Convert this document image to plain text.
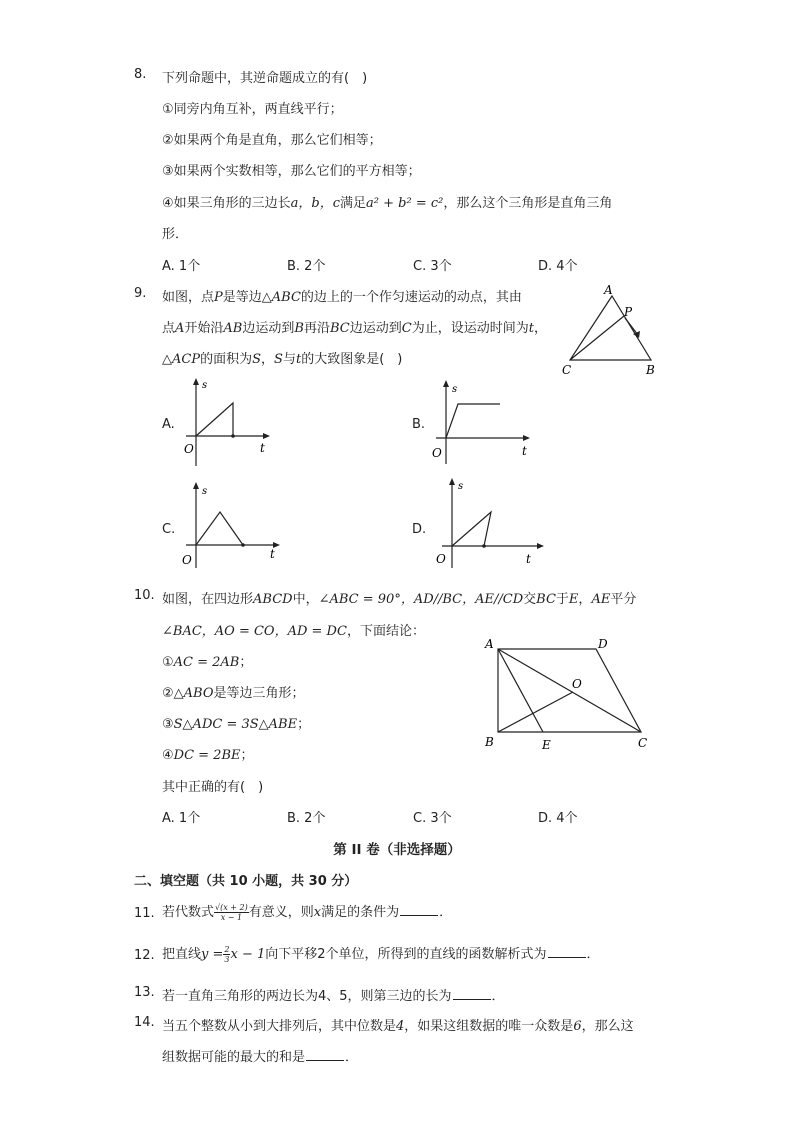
8. 下列命题中，其逆命题成立的有(　)
①同旁内角互补，两直线平行；
②如果两个角是直角，那么它们相等；
③如果两个实数相等，那么它们的平方相等；
④如果三角形的三边长a，b，c满足a² + b² = c²，那么这个三角形是直角三角
形．
A. 1个	B. 2个	C. 3个	D. 4个
9. 如图，点P是等边△ABC的边上的一个作匀速运动的动点，其由
点A开始沿AB边运动到B再沿BC边运动到C为止，设运动时间为t，
△ACP的面积为S，S与t的大致图象是(　)
A
P
C	B
A.
s
O	t
B.
s
O	t
C.
s
O	t
D.
s
O	t
10. 如图，在四边形ABCD中，∠ABC = 90°，AD//BC，AE//CD交BC于E，AE平分
∠BAC，AO = CO，AD = DC，下面结论：
①AC = 2AB；
②△ABO是等边三角形；
③S△ADC = 3S△ABE；
④DC = 2BE；
其中正确的有(　)
A. 1个	B. 2个	C. 3个	D. 4个
A	D
O
B	E	C
第 II 卷（非选择题）
二、填空题（共 10 小题，共 30 分）
11. 若代数式 $\frac{√(x + 2)}{x - 1}$ 有意义，则x满足的条件为	．
12. 把直线$y = \frac{2}{3}$ x − 1向下平移2个单位，所得到的直线的函数解析式为	．
13. 若一直角三角形的两边长为4、5，则第三边的长为	．
14. 当五个整数从小到大排列后，其中位数是4，如果这组数据的唯一众数是6，那么这
组数据可能的最大的和是	．
